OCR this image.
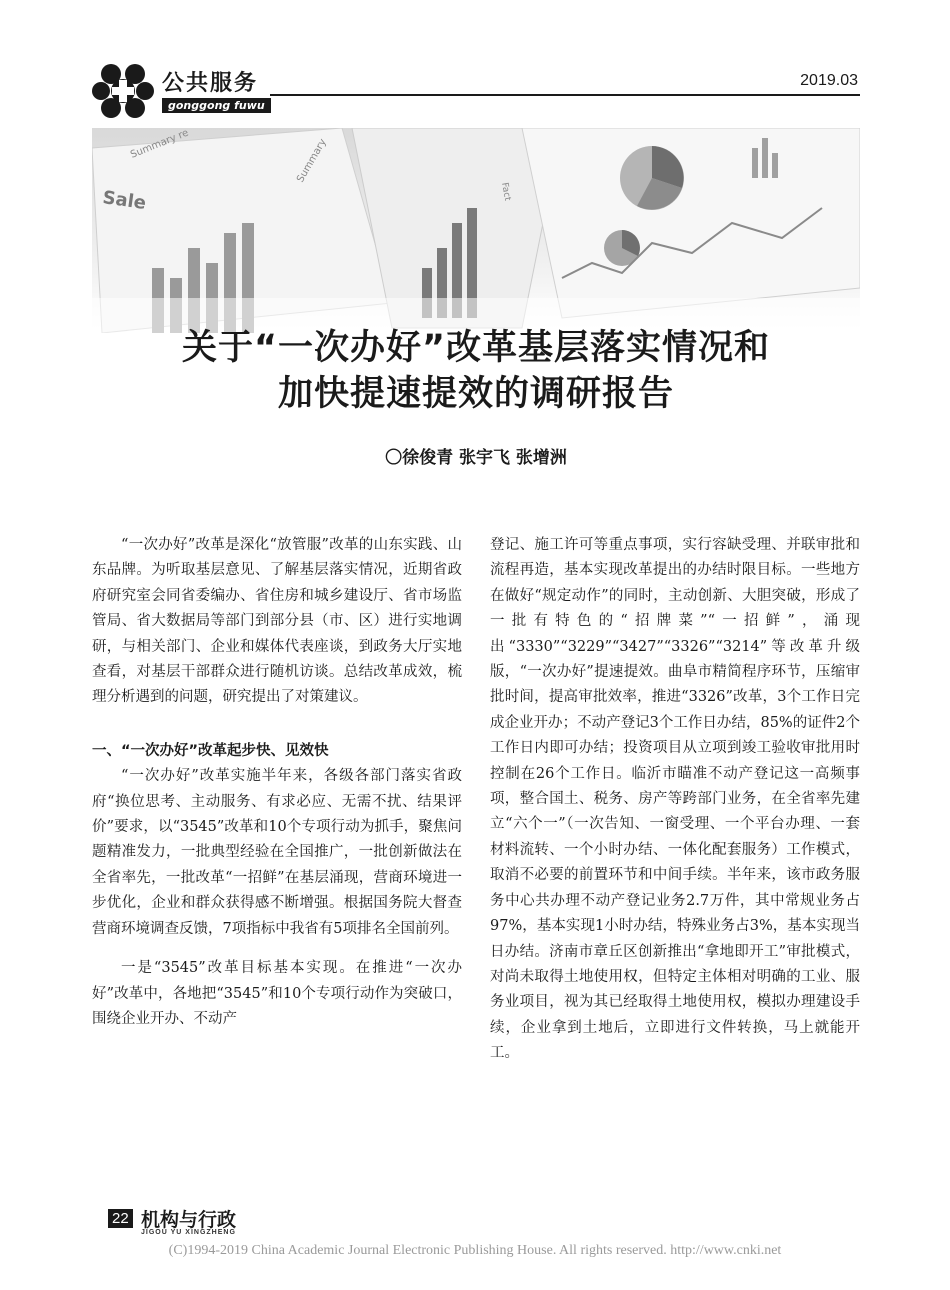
公共服务
gonggong fuwu
2019.03
Sale
Summary re	Summary
Fact
关于“一次办好”改革基层落实情况和
加快提速提效的调研报告
〇徐俊青 张宇飞 张增洲

“一次办好”改革是深化“放管服”改革的山东实践、山东品牌。为听取基层意见、了解基层落实情况，近期省政府研究室会同省委编办、省住房和城乡建设厅、省市场监管局、省大数据局等部门到部分县（市、区）进行实地调研，与相关部门、企业和媒体代表座谈，到政务大厅实地查看，对基层干部群众进行随机访谈。总结改革成效，梳理分析遇到的问题，研究提出了对策建议。

一、“一次办好”改革起步快、见效快

“一次办好”改革实施半年来，各级各部门落实省政府“换位思考、主动服务、有求必应、无需不扰、结果评价”要求，以“3545”改革和10个专项行动为抓手，聚焦问题精准发力，一批典型经验在全国推广，一批创新做法在全省率先，一批改革“一招鲜”在基层涌现，营商环境进一步优化，企业和群众获得感不断增强。根据国务院大督查营商环境调查反馈，7项指标中我省有5项排名全国前列。

一是“3545”改革目标基本实现。在推进“一次办好”改革中，各地把“3545”和10个专项行动作为突破口，围绕企业开办、不动产

登记、施工许可等重点事项，实行容缺受理、并联审批和流程再造，基本实现改革提出的办结时限目标。一些地方在做好“规定动作”的同时，主动创新、大胆突破，形成了一批有特色的“招牌菜”“一招鲜”，涌现出“3330”“3229”“3427”“3326”“3214”等改革升级版，“一次办好”提速提效。曲阜市精简程序环节，压缩审批时间，提高审批效率，推进“3326”改革，3个工作日完成企业开办；不动产登记3个工作日办结，85%的证件2个工作日内即可办结；投资项目从立项到竣工验收审批用时控制在26个工作日。临沂市瞄准不动产登记这一高频事项，整合国土、税务、房产等跨部门业务，在全省率先建立“六个一”（一次告知、一窗受理、一个平台办理、一套材料流转、一个小时办结、一体化配套服务）工作模式，取消不必要的前置环节和中间手续。半年来，该市政务服务中心共办理不动产登记业务2.7万件，其中常规业务占97%，基本实现1小时办结，特殊业务占3%，基本实现当日办结。济南市章丘区创新推出“拿地即开工”审批模式，对尚未取得土地使用权，但特定主体相对明确的工业、服务业项目，视为其已经取得土地使用权，模拟办理建设手续，企业拿到土地后，立即进行文件转换，马上就能开工。

22 机构与行政
JIGOU YU XINGZHENG
(C)1994-2019 China Academic Journal Electronic Publishing House. All rights reserved. http://www.cnki.net
